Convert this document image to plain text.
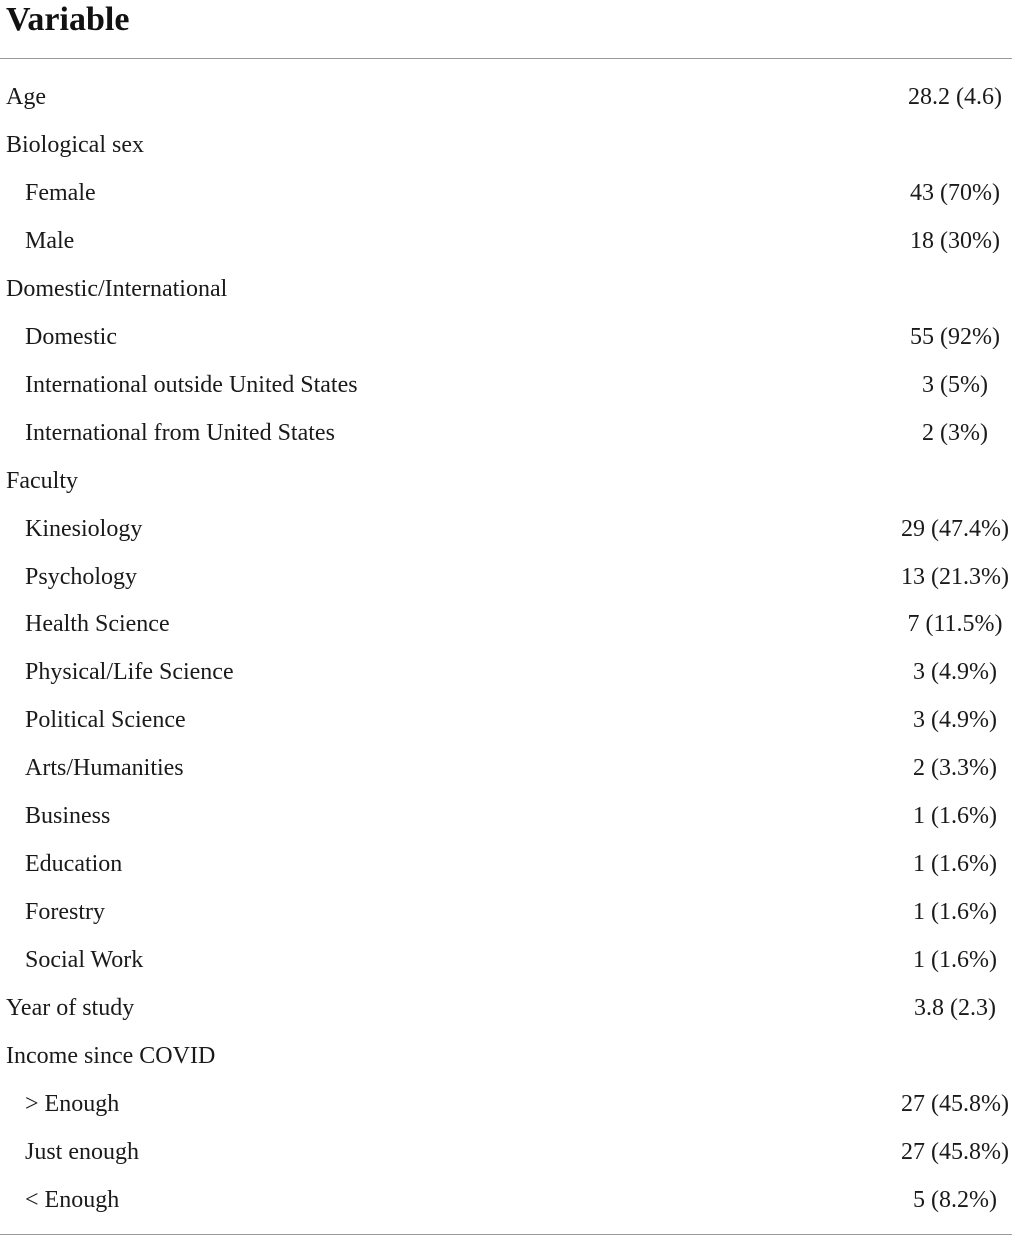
Variable
Age	28.2 (4.6)
Biological sex
Female	43 (70%)
Male	18 (30%)
Domestic/International
Domestic	55 (92%)
International outside United States	3 (5%)
International from United States	2 (3%)
Faculty
Kinesiology	29 (47.4%)
Psychology	13 (21.3%)
Health Science	7 (11.5%)
Physical/Life Science	3 (4.9%)
Political Science	3 (4.9%)
Arts/Humanities	2 (3.3%)
Business	1 (1.6%)
Education	1 (1.6%)
Forestry	1 (1.6%)
Social Work	1 (1.6%)
Year of study	3.8 (2.3)
Income since COVID
> Enough	27 (45.8%)
Just enough	27 (45.8%)
< Enough	5 (8.2%)
